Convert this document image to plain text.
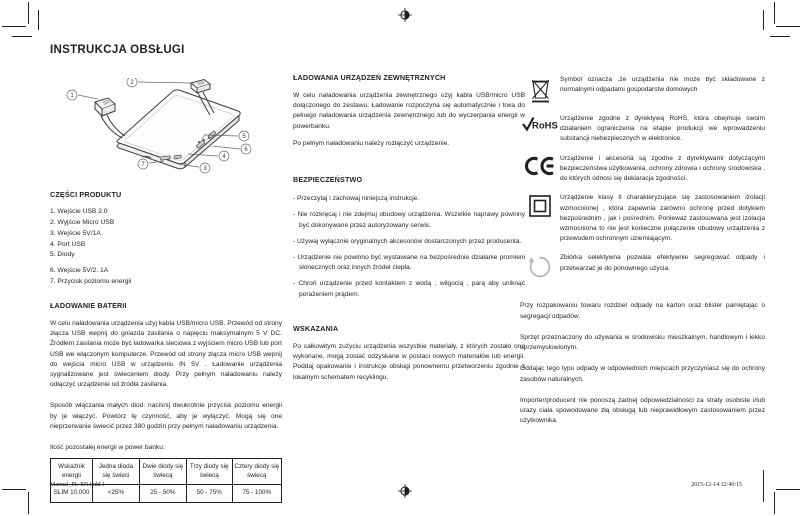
INSTRUKCJA OBSŁUGI
1
2
3
4
5
6
7
CZĘŚCI PRODUKTU
1. Wejście USB 2.0
2. Wyjście Micro USB
3. Wejście 5V/1A
4. Port USB
5. Diody
6. Wejście 5V/2. 1A
7. Przycisk poziomu energii
ŁADOWANIE BATERII

W celu naładowania urządzenia użyj kabla USB/micro USB. Przewód od strony złącza USB wepnij do gniazda zasilania o napięciu maksymalnym 5 V DC. Źródłem zasilania może być ładowarka sieciowa z wyjściem micro USB lub port USB we włączonym komputerze. Przewód od strony złącza micro USB wepnij do wejścia micro USB w urządzeniu IN 5V . Ładowanie urządzenia sygnalizowane jest świeceniem diody. Przy pełnym naładowaniu należy odłączyć urządzenie od źródła zasilania.

Sposób włączania małych diod: naciśnij dwukrotnie przycisk poziomu energii by je włączyć. Powtórz tę czynność, aby je wyłączyć. Mogą się one nieprzerwanie świecić przez 380 godzin przy pełnym naładowaniu urządzenia.

Ilość pozostałej energii w power banku:

Wskaźnik energii	Jedna dioda się świeci	Dwie diody się świecą	Trzy diody się świecą	Cztery diody się świecą
SLIM 10.000	<25%	25 - 50%	50 - 75%	75 - 100%
ŁADOWANIA URZĄDZEŃ ZEWNĘTRZNYCH

W celu naładowania urządzenia zewnętrznego użyj kabla USB/micro USB dołączonego do zestawu. Ładowanie rozpoczyna się automatycznie i trwa do pełnego naładowania urządzenia zewnętrznego lub do wyczerpania energii w powerbanku.

Po pełnym naładowaniu należy rozłączyć urządzenie.

BEZPIECZEŃSTWO
- Przeczytaj i zachowaj niniejszą instrukcje.
- Nie rozkręcaj i nie zdejmuj obudowy urządzenia. Wszelkie naprawy powinny być dokonywane przez autoryzowany serwis.
- Używaj wyłącznie oryginalnych akcesoriów dostarczonych przez producenta.
- Urządzenie nie powinno być wystawiane na bezpośrednie działanie promieni słonecznych oraz innych źródeł ciepła.
- Chroń urządzenie przed kontaktem z wodą , wilgocią , parą aby uniknąć porażeniem prądem.
WSKAZANIA

Po całkowitym zużyciu urządzenia wszystkie materiały, z których zostało ono wykonane, mogą zostać odzyskane w postaci nowych materiałów lub energii. Poddaj opakowanie i instrukcje obsługi ponownemu przetworzeniu zgodnie z lokalnym schematem recyklingu.

Symbol oznacza ,że urządzenia nie może być składowane z normalnymi odpadami gospodarstw domowych
RoHS
Urządzenie zgodne z dyrektywą RoHS, która obejmuje swoim działaniem ograniczenia na etapie produkcji we wprowadzeniu substancji niebezpiecznych w elektronice.
Urządzenie i akcesoria są zgodne z dyrektywami dotyczącymi bezpieczeństwa użytkowania, ochrony zdrowia i ochrony środowiska , do których odnosi się deklaracja zgodności.
Urządzenie klasy II charakteryzujące się zastosowaniem izolacji wzmocnionej , która zapewnia zarówno ochronę przed dotykiem bezpośrednim , jak i pośrednim. Ponieważ zastosowana jest izolacja wzmocniona to nie jest konieczne połączenie obudowy urządzenia z przewodem ochronnym uziemiającym.
Zbiórka selektywna pozwala efektywnie segregować odpady i przetwarzać je do ponownego użycia.

Przy rozpakowaniu towaru rozdziel odpady na karton oraz blister pamiętając o segregacji odpadów.

Sprzęt przeznaczony do używania w środowisku mieszkalnym, handlowym i lekko uprzemysłowionym.

Oddając tego typu odpady w odpowiednich miejscach przyczyniasz się do ochrony zasobów naturalnych.

Importer/producent nie ponoszą żadnej odpowiedzialności za straty osobiste i/lub urazy ciała spowodowane złą obsługą lub nieprawidłowym zastosowaniem przez użytkownika.

Manual_PL-EN.indd 1	2015-12-14 12:40:15
